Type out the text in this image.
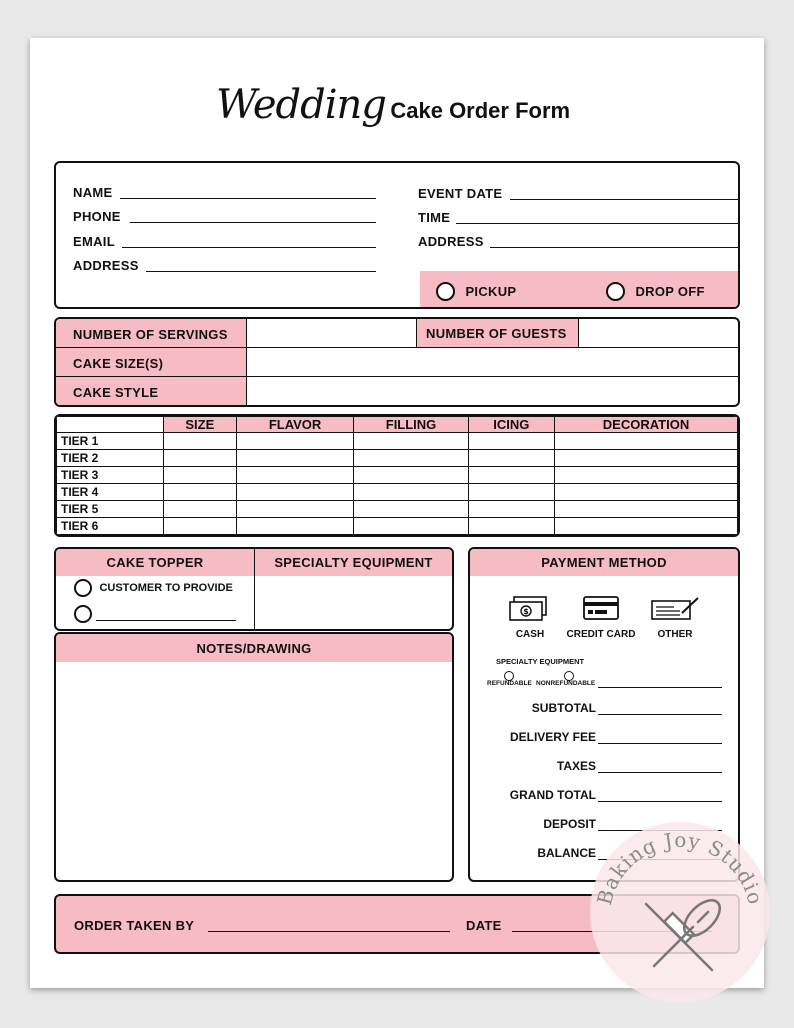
Wedding Cake Order Form
NAME
PHONE
EMAIL
ADDRESS
EVENT DATE
TIME
ADDRESS
PICKUP	DROP OFF
NUMBER OF SERVINGS	NUMBER OF GUESTS
CAKE SIZE(S)
CAKE STYLE
	SIZE	FLAVOR	FILLING	ICING	DECORATION
TIER 1					
TIER 2					
TIER 3					
TIER 4					
TIER 5					
TIER 6					
CAKE TOPPER	SPECIALTY EQUIPMENT
CUSTOMER TO PROVIDE
NOTES/DRAWING
PAYMENT METHOD
$
CASH	CREDIT CARD	OTHER
SPECIALTY EQUIPMENT
REFUNDABLE NONREFUNDABLE
SUBTOTAL
DELIVERY FEE
TAXES
GRAND TOTAL
DEPOSIT
BALANCE
ORDER TAKEN BY	DATE
Baking Joy Studio
